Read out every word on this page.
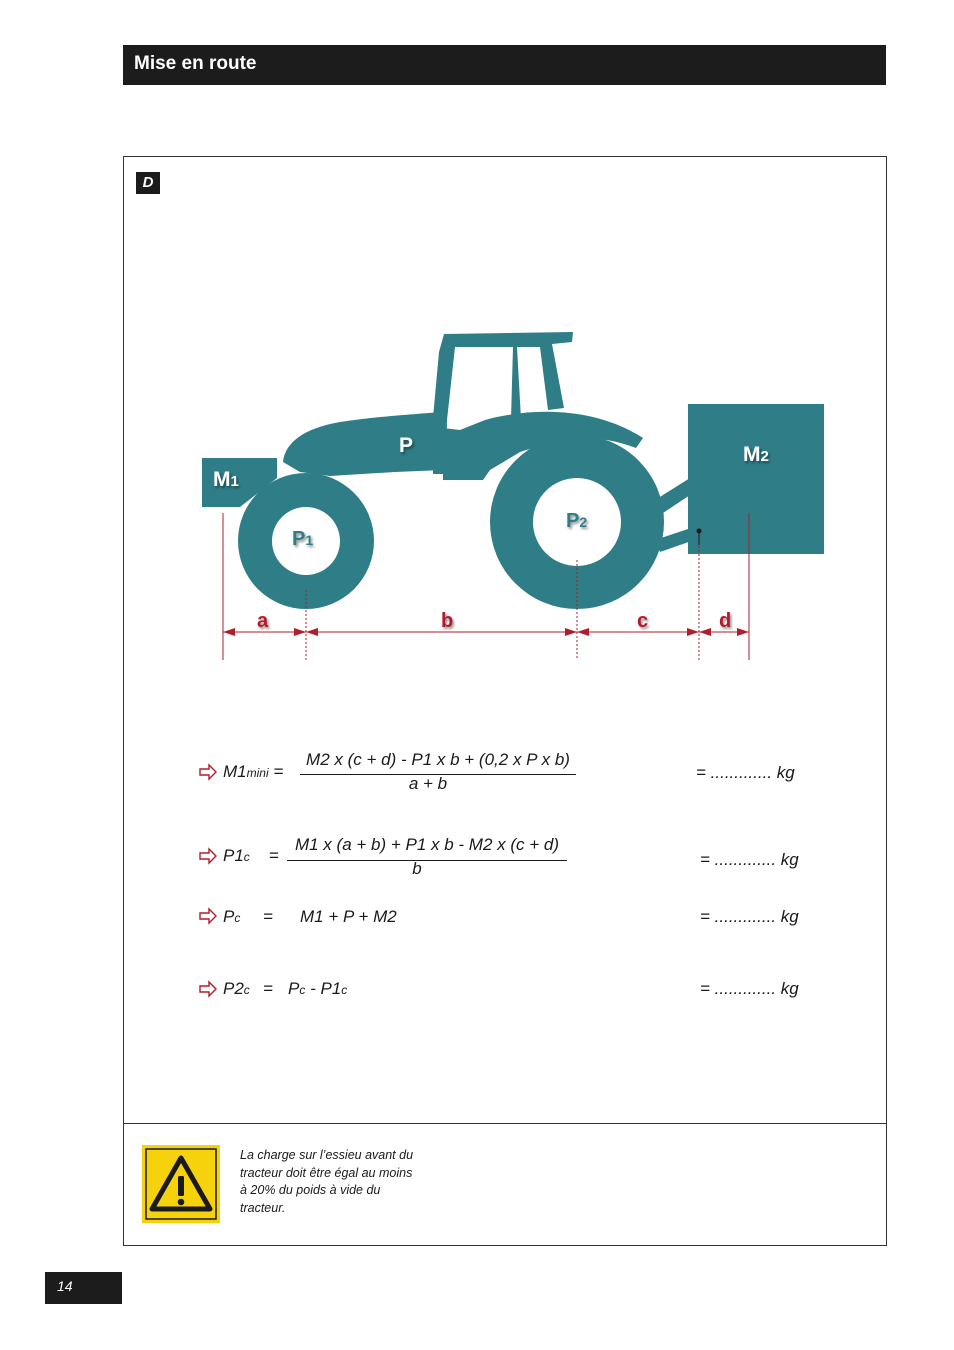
Mise en route
D
M1
M2
P
P1
P2
a	b	c	d
M1mini =
M2 x (c + d) - P1 x b + (0,2 x P x b)
a + b
= ............. kg
P1c =
M1 x (a + b) + P1 x b - M2 x (c + d)
b	= ............. kg
Pc = M1 + P + M2	= ............. kg
P2c = Pc - P1c	= ............. kg
La charge sur l’essieu avant du tracteur doit être égal au moins à 20% du poids à vide du tracteur.
14
